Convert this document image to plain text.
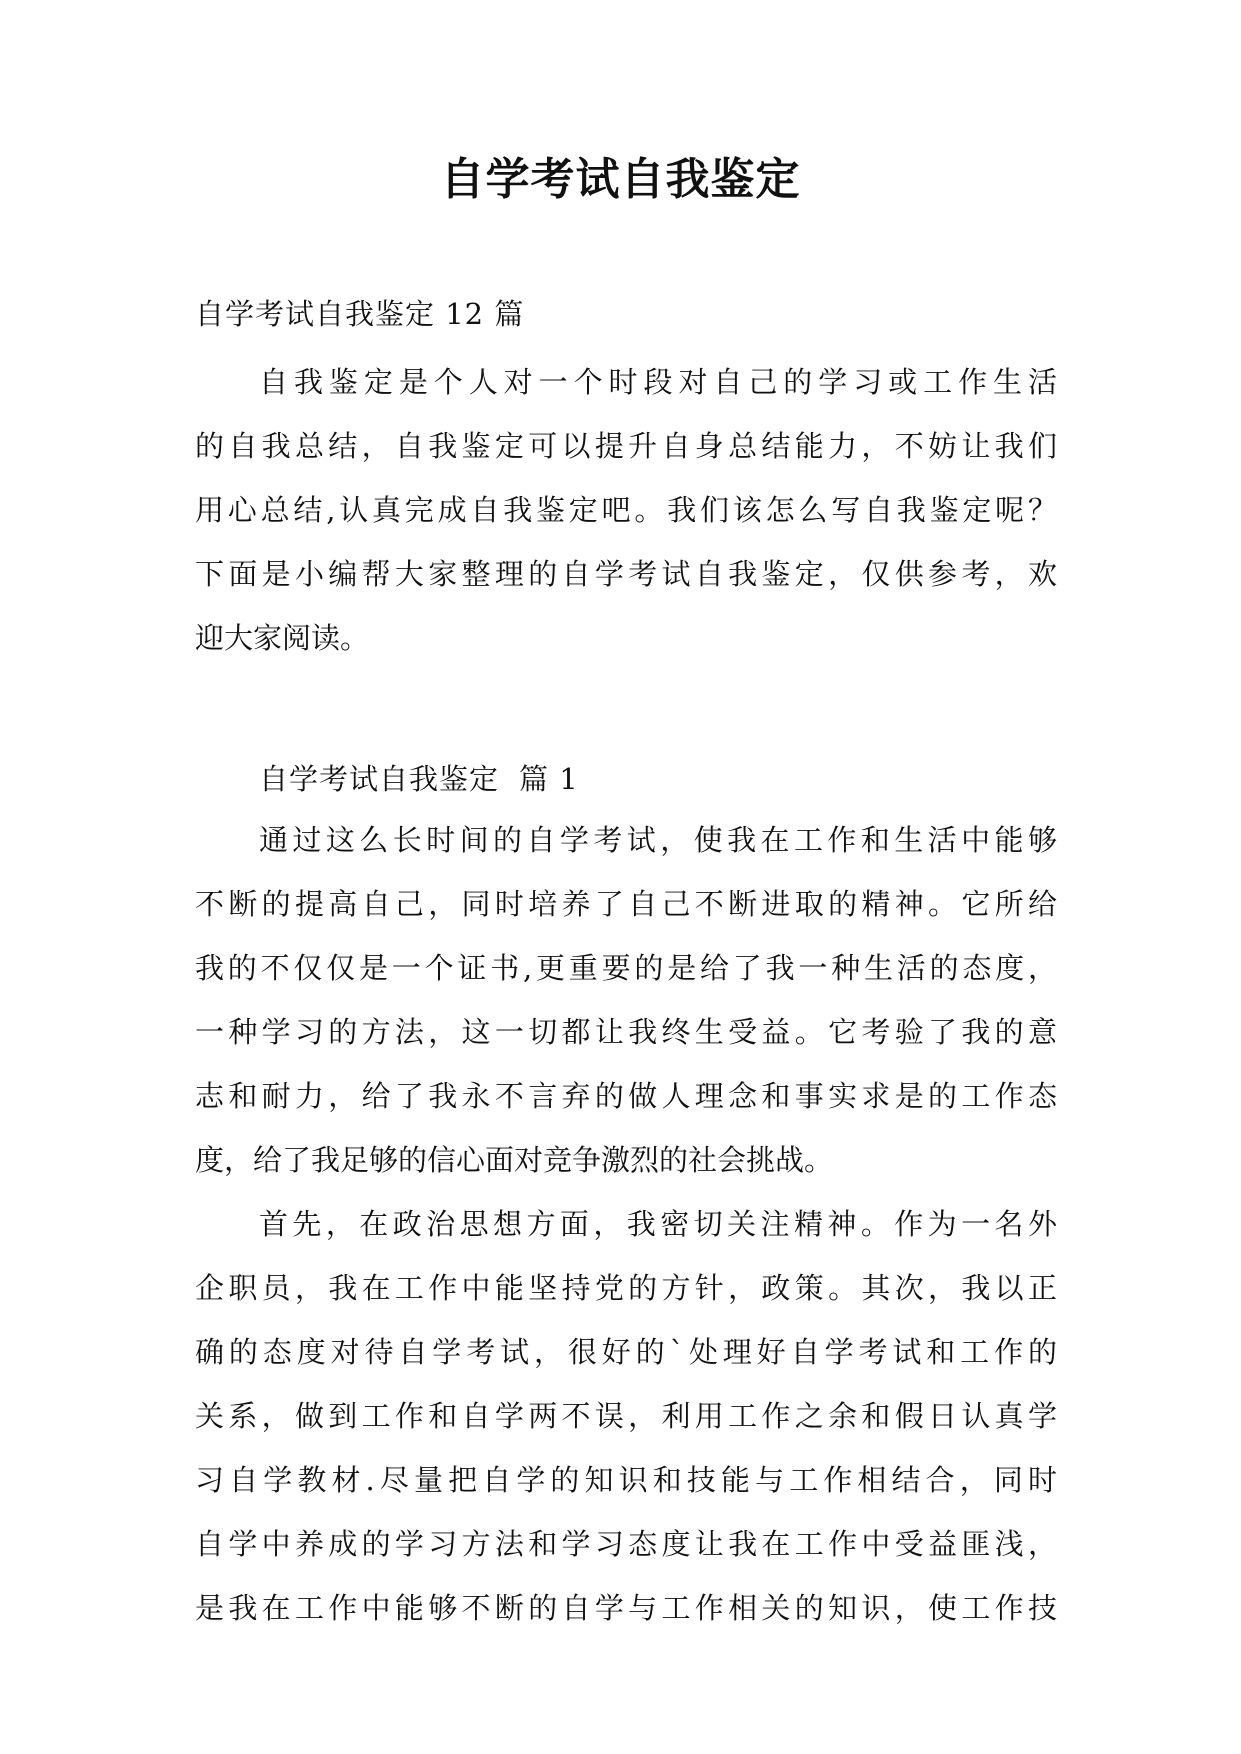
自学考试自我鉴定

自学考试自我鉴定 12 篇

自我鉴定是个人对一个时段对自己的学习或工作生活
的自我总结，自我鉴定可以提升自身总结能力，不妨让我们
用心总结,认真完成自我鉴定吧。我们该怎么写自我鉴定呢？
下面是小编帮大家整理的自学考试自我鉴定，仅供参考，欢
迎大家阅读。
自学考试自我鉴定 篇 1
通过这么长时间的自学考试，使我在工作和生活中能够
不断的提高自己，同时培养了自己不断进取的精神。它所给
我的不仅仅是一个证书,更重要的是给了我一种生活的态度，
一种学习的方法，这一切都让我终生受益。它考验了我的意
志和耐力，给了我永不言弃的做人理念和事实求是的工作态
度，给了我足够的信心面对竞争激烈的社会挑战。
首先，在政治思想方面，我密切关注精神。作为一名外
企职员，我在工作中能坚持党的方针，政策。其次，我以正
确的态度对待自学考试，很好的`处理好自学考试和工作的
关系，做到工作和自学两不误，利用工作之余和假日认真学
习自学教材.尽量把自学的知识和技能与工作相结合，同时
自学中养成的学习方法和学习态度让我在工作中受益匪浅，
是我在工作中能够不断的自学与工作相关的知识，使工作技
